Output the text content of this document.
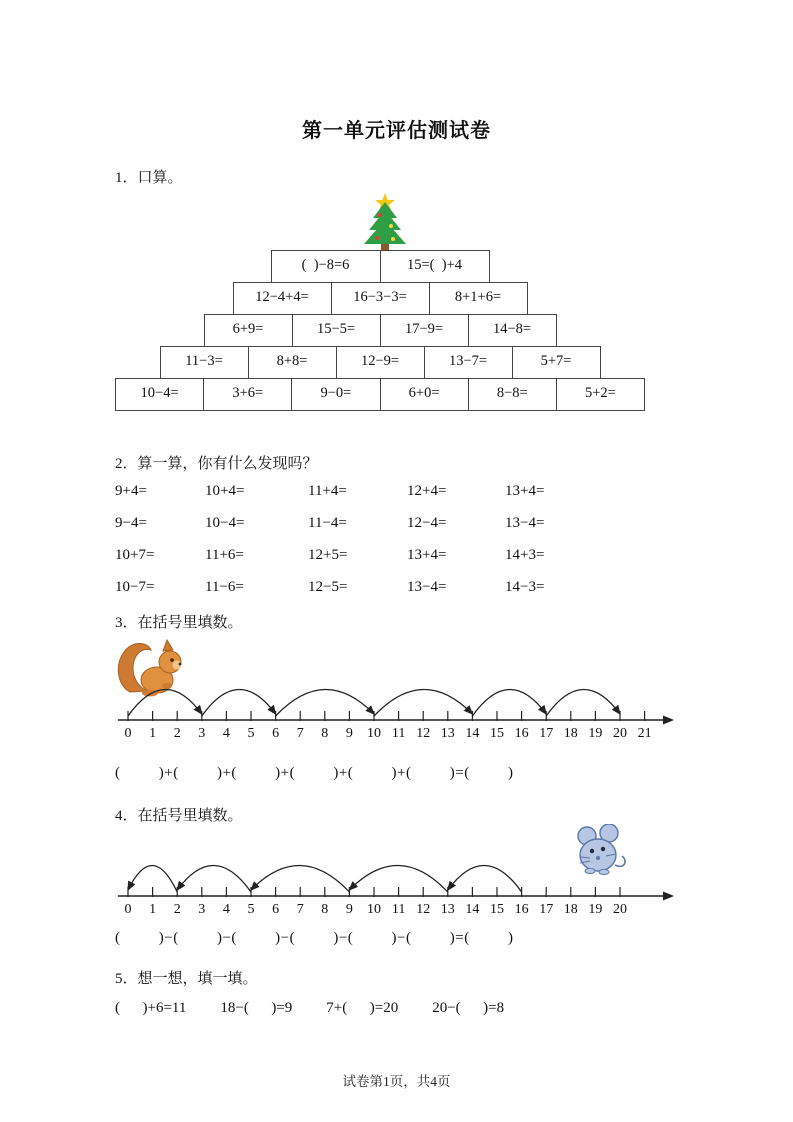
第一单元评估测试卷
1．口算。
(  )−8=6	15=(  )+4
12−4+4=	16−3−3=	8+1+6=
6+9=	15−5=	17−9=	14−8=
11−3=	8+8=	12−9=	13−7=	5+7=
10−4=	3+6=	9−0=	6+0=	8−8=	5+2=
2．算一算，你有什么发现吗？
9+4=	10+4=	11+4=	12+4=	13+4=
9−4=	10−4=	11−4=	12−4=	13−4=
10+7=	11+6=	12+5=	13+4=	14+3=
10−7=	11−6=	12−5=	13−4=	14−3=
3．在括号里填数。
0 1 2 3 4 5 6 7 8 9 10 11 12 13 14 15 16 17 18 19 20 21
(         )+(         )+(         )+(         )+(         )+(         )=(         )
4．在括号里填数。
0 1 2 3 4 5 6 7 8 9 10 11 12 13 14 15 16 17 18 19 20
(         )−(         )−(         )−(         )−(         )−(         )=(         )
5．想一想，填一填。
(      )+6=11 18−(      )=9 7+(      )=20 20−(      )=8
试卷第1页，共4页
